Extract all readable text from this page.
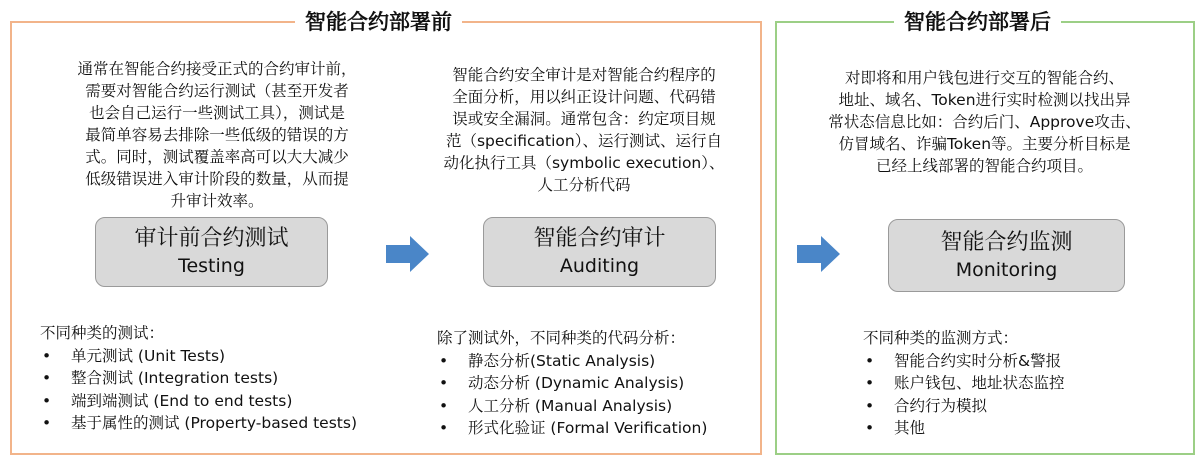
智能合约部署前	智能合约部署后
通常在智能合约接受正式的合约审计前，
需要对智能合约运行测试（甚至开发者
也会自己运行一些测试工具），测试是
最简单容易去排除一些低级的错误的方
式。同时，测试覆盖率高可以大大减少
低级错误进入审计阶段的数量，从而提
升审计效率。
审计前合约测试
Testing
不同种类的测试：
• 单元测试 (Unit Tests)
• 整合测试 (Integration tests)
• 端到端测试 (End to end tests)
• 基于属性的测试 (Property-based tests)
智能合约安全审计是对智能合约程序的
全面分析，用以纠正设计问题、代码错
误或安全漏洞。通常包含：约定项目规
范（specification）、运行测试、运行自
动化执行工具（symbolic execution）、
人工分析代码
智能合约审计
Auditing
除了测试外，不同种类的代码分析：
• 静态分析(Static Analysis)
• 动态分析 (Dynamic Analysis)
• 人工分析 (Manual Analysis)
• 形式化验证 (Formal Verification)
对即将和用户钱包进行交互的智能合约、
地址、域名、Token进行实时检测以找出异
常状态信息比如：合约后门、Approve攻击、
仿冒域名、诈骗Token等。主要分析目标是
已经上线部署的智能合约项目。
智能合约监测
Monitoring
不同种类的监测方式：
• 智能合约实时分析&警报
• 账户钱包、地址状态监控
• 合约行为模拟
• 其他
